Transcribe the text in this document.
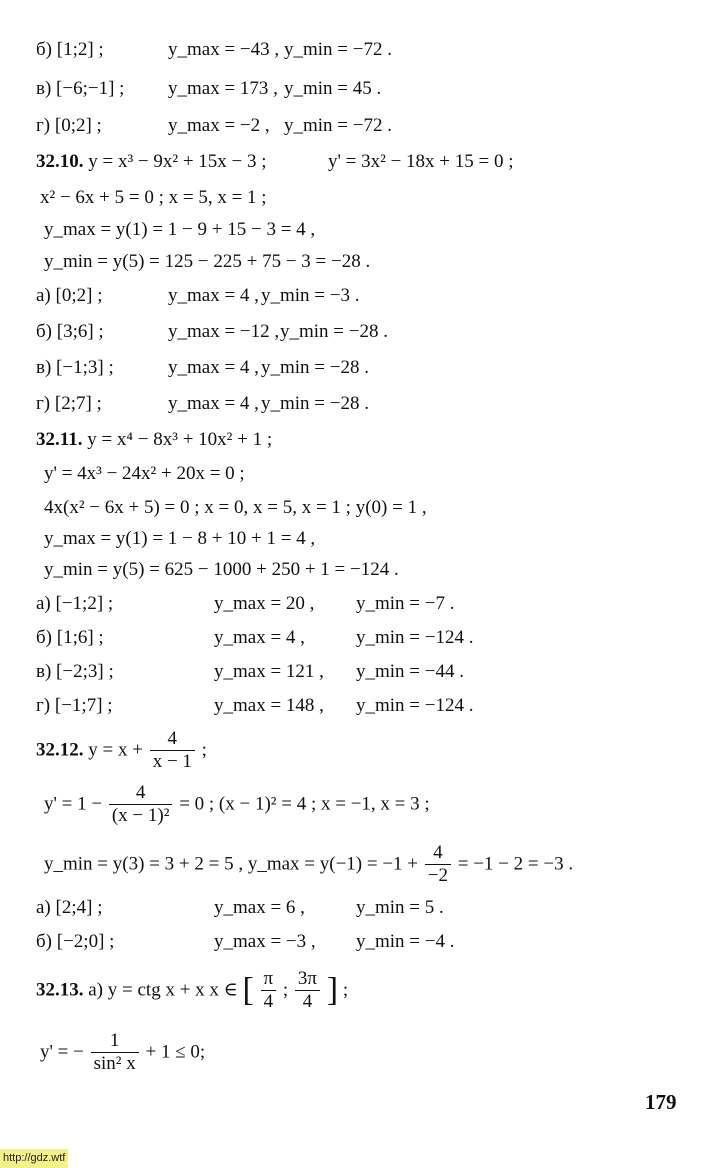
б) [1;2] ;	y_max = −43 , y_min = −72 .
в) [−6;−1] ; y_max = 173 , y_min = 45 .
г) [0;2] ;	y_max = −2 , y_min = −72 .
32.10. y = x³ − 9x² + 15x − 3 ;	y' = 3x² − 18x + 15 = 0 ;
x² − 6x + 5 = 0 ; x = 5, x = 1 ;
y_max = y(1) = 1 − 9 + 15 − 3 = 4 ,
y_min = y(5) = 125 − 225 + 75 − 3 = −28 .
а) [0;2] ;	y_max = 4 , y_min = −3 .
б) [3;6] ;	y_max = −12 , y_min = −28 .
в) [−1;3] ;	y_max = 4 , y_min = −28 .
г) [2;7] ;	y_max = 4 , y_min = −28 .
32.11. y = x⁴ − 8x³ + 10x² + 1 ;
y' = 4x³ − 24x² + 20x = 0 ;
4x(x² − 6x + 5) = 0 ; x = 0, x = 5, x = 1 ; y(0) = 1 ,
y_max = y(1) = 1 − 8 + 10 + 1 = 4 ,
y_min = y(5) = 625 − 1000 + 250 + 1 = −124 .
а) [−1;2] ;	y_max = 20 , y_min = −7 .
б) [1;6] ;	y_max = 4 ,	y_min = −124 .
в) [−2;3] ;	y_max = 121 , y_min = −44 .
г) [−1;7] ;	y_max = 148 , y_min = −124 .
32.12. $y = x + \frac{4}{x - 1}$ ;
$y' = 1 - \frac{4}{\text{(x − 1)²}} = 0$ ; (x − 1)² = 4 ; x = −1, x = 3 ;
y_min = y(3) = 3 + 2 = 5 , y_max = $y(-1) = -1 + \frac{4}{-2} = -1 - 2 = -3$ .
а) [2;4] ;	y_max = 6 ,	y_min = 5 .
б) [−2;0] ;	y_max = −3 , y_min = −4 .
32.13. а) y = ctg x + x x ∈ [ $\frac{\pi}{4}$ ; $\frac{3\pi}{4}$ ] ;
y' = − $\frac{1}{\text{sin² x}} + 1 \le 0$;
179
http://gdz.wtf
